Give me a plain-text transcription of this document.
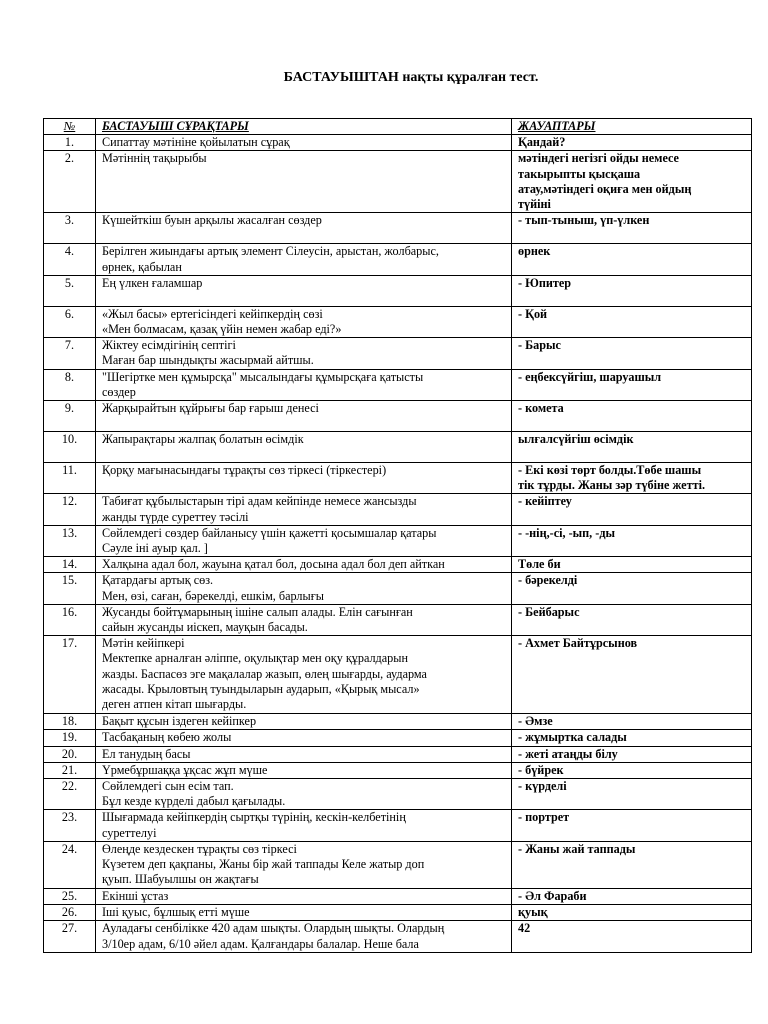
БАСТАУЫШТАН нақты құралған тест.
№	БАСТАУЫШ СҰРАҚТАРЫ	ЖАУАПТАРЫ
1.	Сипаттау мәтініне қойылатын сұрақ	Қандай?

2.	Мәтіннің тақырыбы	мәтіндегі негізгі ойды немесе
такырыпты қысқаша
атау,мәтіндегі оқиға мен ойдың
түйіні

3.	Күшейткіш буын арқылы жасалған сөздер	- тып-тыныш, үп-үлкен

4.	Берілген жиындағы артық элемент Сілеусін, арыстан, жолбарыс,
өрнек, қабылан	өрнек

5.	Ең үлкен ғаламшар	- Юпитер

6.	«Жыл басы» ертегісіндегі кейіпкердің сөзі
«Мен болмасам, қазақ үйін немен жабар еді?»	- Қой

7.	Жіктеу есімдігінің септігі
Маған бар шындықты жасырмай айтшы.	- Барыс

8.	"Шегіртке мен құмырсқа" мысалындағы құмырсқаға қатысты
сөздер	- еңбексүйгіш, шаруашыл

9.	Жарқырайтын құйрығы бар ғарыш денесі	- комета

10.	Жапырақтары жалпақ болатын өсімдік	ылғалсүйгіш өсімдік

11.	Қорқу мағынасындағы тұрақты сөз тіркесі (тіркестері)	- Екі көзі төрт болды.Төбе шашы
тік тұрды. Жаны зәр түбіне жетті.

12.	Табиғат құбылыстарын тірі адам кейпінде немесе жансызды
жанды түрде суреттеу тәсілі	- кейіптеу

13.	Сөйлемдегі сөздер байланысу үшін қажетті қосымшалар қатары
Сәуле іні ауыр қал. ]	- -нің,-сі, -ып, -ды

14.	Халқына адал бол, жауына қатал бол, досына адал бол деп айткан	Төле би

15.	Қатардағы артық сөз.
Мен, өзі, саған, бәрекелді, ешкім, барлығы	- бәрекелді

16.	Жусанды бойтұмарының ішіне салып алады. Елін сағынған
сайын жусанды иіскеп, мауқын басады.	- Бейбарыс

17.	Мәтін кейіпкері
Мектепке арналған әліппе, оқулықтар мен оқу құралдарын
жазды. Баспасөз эге мақалалар жазып, өлең шығарды, аударма
жасады. Крыловтың туындыларын аударып, «Қырық мысал»
деген атпен кітап шығарды.	- Ахмет Байтұрсынов

18.	Бақыт құсын іздеген кейіпкер	- Әмзе

19.	Тасбақаның көбею жолы	- жұмыртка салады

20.	Ел танудың басы	- жеті атаңды білу

21.	Үрмебұршаққа ұқсас жұп мүше	- бүйрек

22.	Сөйлемдегі сын есім тап.
Бұл кезде күрделі дабыл қағылады.	- күрделі

23.	Шығармада кейіпкердің сыртқы түрінің, кескін-келбетінің
суреттелуі	- портрет

24.	Өлеңде кездескен тұрақты сөз тіркесі
Күзетем деп қақпаны, Жаны бір жай таппады Келе жатыр доп
қуып. Шабуылшы он жақтағы	- Жаны жай таппады

25.	Екінші ұстаз	- Әл Фараби

26.	Іші қуыс, бұлшық етті мүше	қуық

27.	Ауладағы сенбілікке 420 адам шықты. Олардың шықты. Олардың
3/10ер адам, 6/10 әйел адам. Қалғандары балалар. Неше бала	42
